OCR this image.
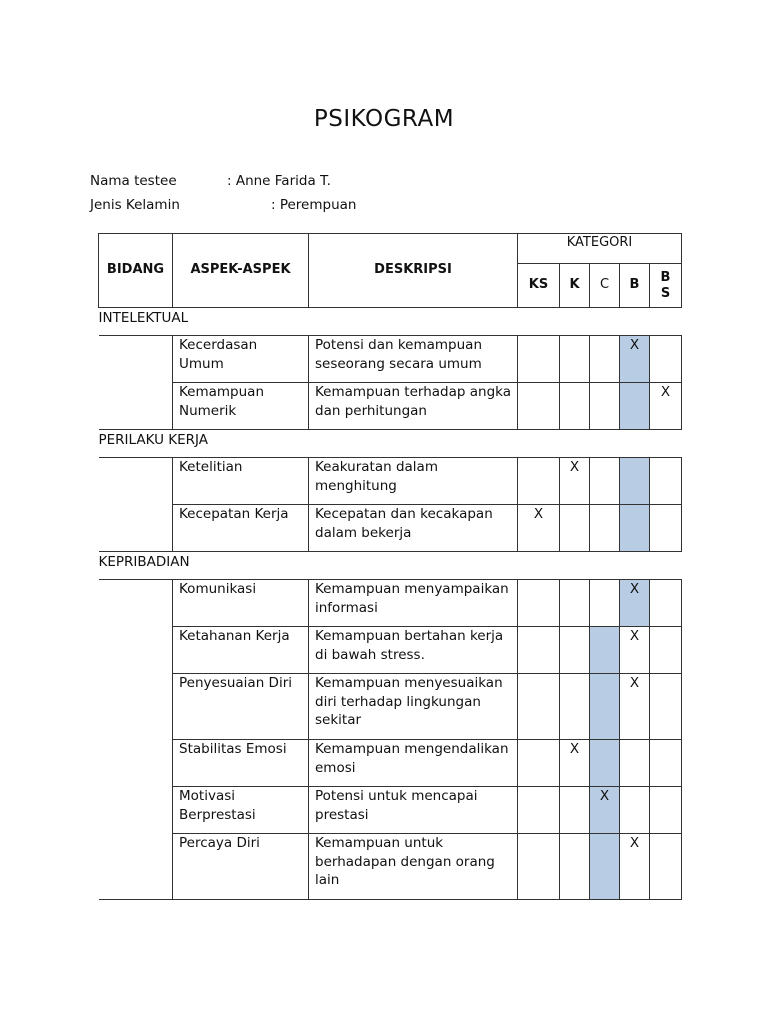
PSIKOGRAM
Nama testee	: Anne Farida T.
Jenis Kelamin	: Perempuan
BIDANG	ASPEK-ASPEK	DESKRIPSI	KATEGORI				
			KS	K	C	B	B
S

INTELEKTUAL							

	Kecerdasan Umum	Potensi dan kemampuan seseorang secara umum				X	
	Kemampuan Numerik	Kemampuan terhadap angka dan perhitungan					X

PERILAKU KERJA							

	Ketelitian	Keakuratan dalam menghitung		X			
	Kecepatan Kerja	Kecepatan dan kecakapan dalam bekerja	X				

KEPRIBADIAN							

	Komunikasi	Kemampuan menyampaikan informasi				X	
	Ketahanan Kerja	Kemampuan bertahan kerja di bawah stress.				X	
	Penyesuaian Diri	Kemampuan menyesuaikan diri terhadap lingkungan sekitar				X	
	Stabilitas Emosi	Kemampuan mengendalikan emosi		X			
	Motivasi Berprestasi	Potensi untuk mencapai prestasi			X		
	Percaya Diri	Kemampuan untuk berhadapan dengan orang lain				X	
